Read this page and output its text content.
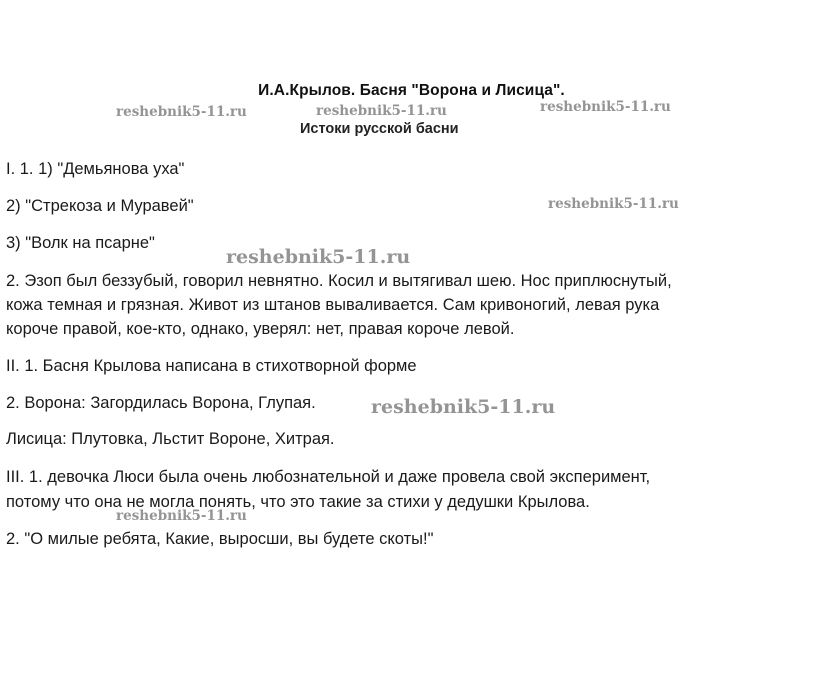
И.А.Крылов. Басня "Ворона и Лисица".
reshebnik5-11.ru	reshebnik5-11.ru	reshebnik5-11.ru
Истоки русской басни
I. 1. 1) "Демьянова уха"
2) "Стрекоза и Муравей"	reshebnik5-11.ru
3) "Волк на псарне"
reshebnik5-11.ru
2. Эзоп был беззубый, говорил невнятно. Косил и вытягивал шею. Нос приплюснутый,
кожа темная и грязная. Живот из штанов вываливается. Сам кривоногий, левая рука
короче правой, кое-кто, однако, уверял: нет, правая короче левой.
II. 1. Басня Крылова написана в стихотворной форме
2. Ворона: Загордилась Ворона, Глупая.	reshebnik5-11.ru
Лисица: Плутовка, Льстит Вороне, Хитрая.
III. 1. девочка Люси была очень любознательной и даже провела свой эксперимент,
потому что она не могла понять, что это такие за стихи у дедушки Крылова.
reshebnik5-11.ru
2. "О милые ребята, Какие, выросши, вы будете скоты!"
